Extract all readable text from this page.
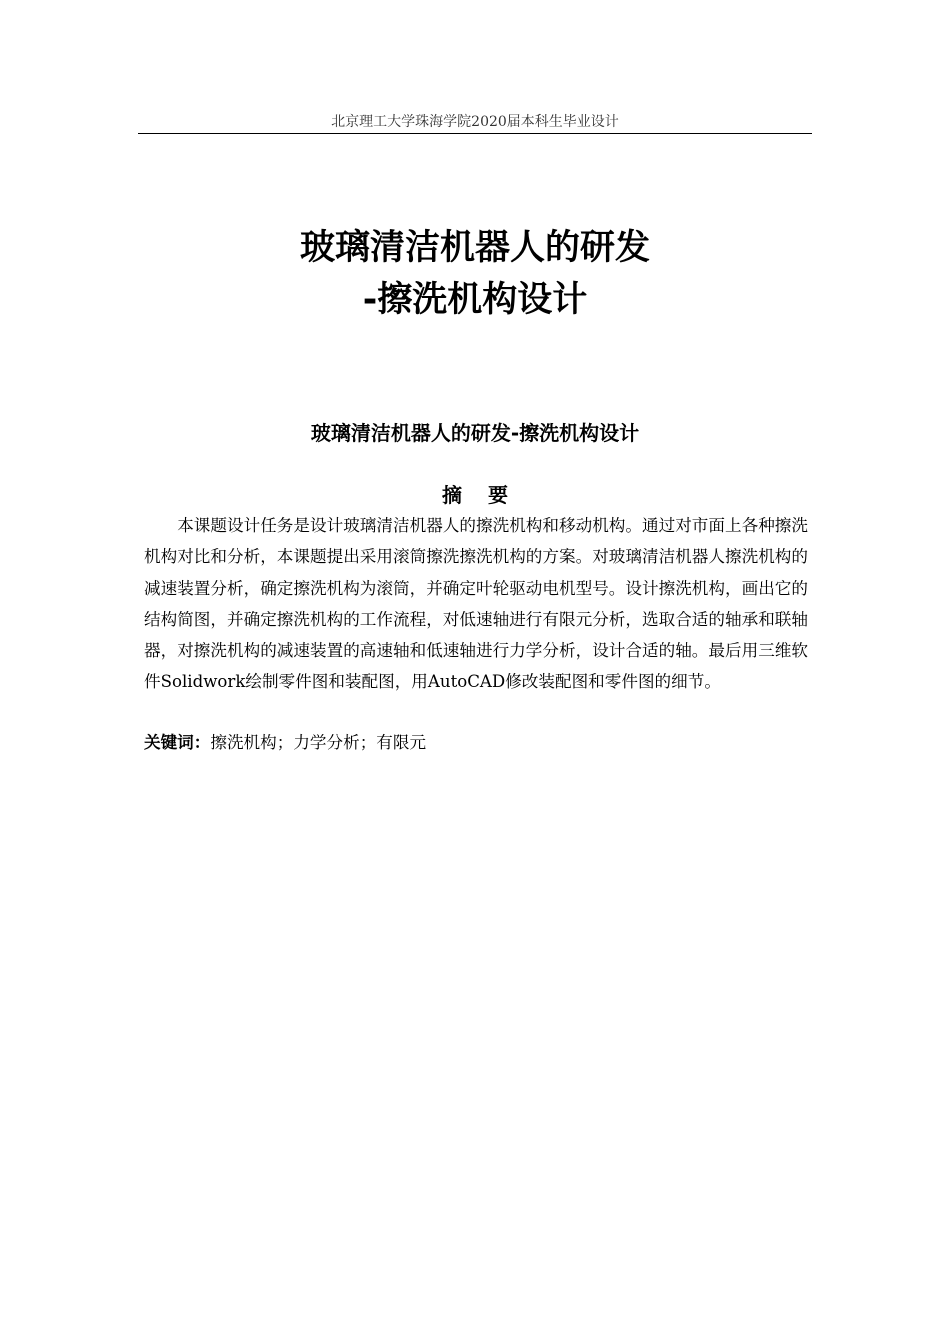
北京理工大学珠海学院2020届本科生毕业设计
玻璃清洁机器人的研发
-擦洗机构设计
玻璃清洁机器人的研发-擦洗机构设计
摘要

本课题设计任务是设计玻璃清洁机器人的擦洗机构和移动机构。通过对市面上各种擦洗机构对比和分析，本课题提出采用滚筒擦洗擦洗机构的方案。对玻璃清洁机器人擦洗机构的减速装置分析，确定擦洗机构为滚筒，并确定叶轮驱动电机型号。设计擦洗机构，画出它的结构简图，并确定擦洗机构的工作流程，对低速轴进行有限元分析，选取合适的轴承和联轴器，对擦洗机构的减速装置的高速轴和低速轴进行力学分析，设计合适的轴。最后用三维软件Solidwork绘制零件图和装配图，用AutoCAD修改装配图和零件图的细节。

关键词：擦洗机构；力学分析；有限元
